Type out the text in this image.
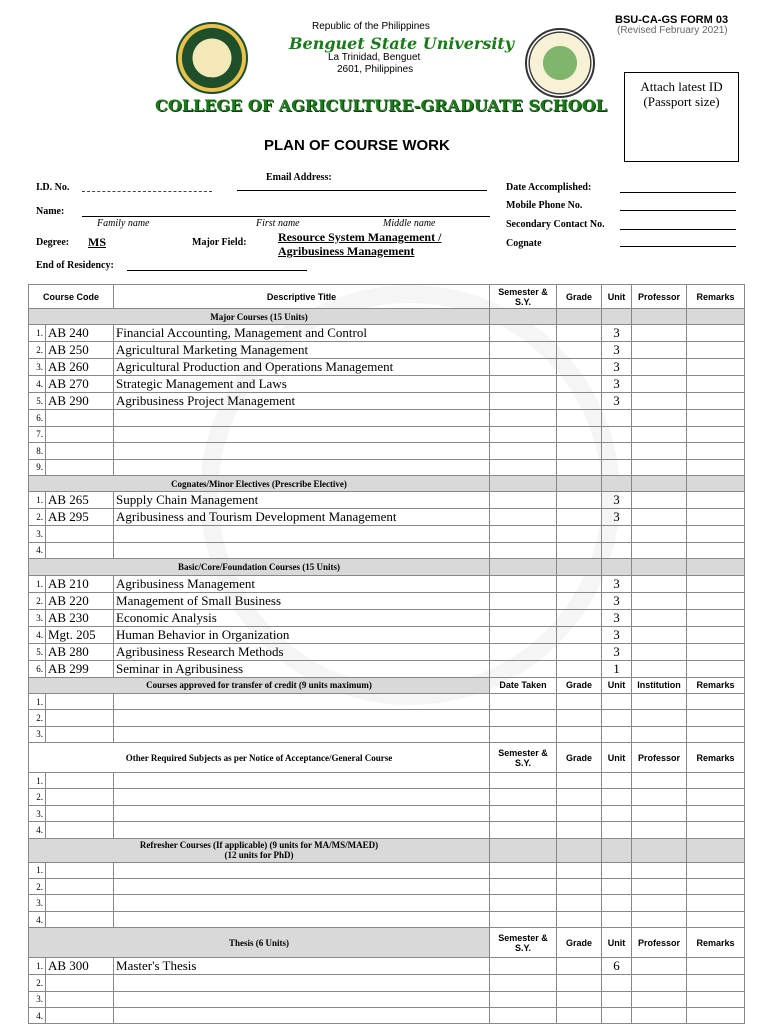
1916
BSU-CA-GS FORM 03
(Revised February 2021)
Republic of the Philippines
Benguet State University
La Trinidad, Benguet
2601, Philippines
COLLEGE OF AGRICULTURE-GRADUATE SCHOOL
Attach latest ID (Passport size)
PLAN OF COURSE WORK
Email Address:
I.D. No.
Name:
Family name	First name	Middle name
Degree: MS	Major Field:	Resource System Management / Agribusiness Management
End of Residency:
Date Accomplished:
Mobile Phone No.
Secondary Contact No.
Cognate
Course Code		Descriptive Title	Semester & S.Y.	Grade	Unit	Professor	Remarks
Major Courses (15 Units)							
1.	AB 240	Financial Accounting, Management and Control			3		
2.	AB 250	Agricultural Marketing Management			3		
3.	AB 260	Agricultural Production and Operations Management			3		
4.	AB 270	Strategic Management and Laws			3		
5.	AB 290	Agribusiness Project Management			3		
6.							
7.							
8.							
9.							
Cognates/Minor Electives (Prescribe Elective)							
1.	AB 265	Supply Chain Management			3		
2.	AB 295	Agribusiness and Tourism Development Management			3		
3.							
4.							
Basic/Core/Foundation Courses (15 Units)							
1.	AB 210	Agribusiness Management			3		
2.	AB 220	Management of Small Business			3		
3.	AB 230	Economic Analysis			3		
4.	Mgt. 205	Human Behavior in Organization			3		
5.	AB 280	Agribusiness Research Methods			3		
6.	AB 299	Seminar in Agribusiness			1		
Courses approved for transfer of credit (9 units maximum)			Date Taken	Grade	Unit	Institution	Remarks
1.							
2.							
3.							
Other Required Subjects as per Notice of Acceptance/General Course			Semester & S.Y.	Grade	Unit	Professor	Remarks
1.							
2.							
3.							
4.							

Refresher Courses (If applicable) (9 units for MA/MS/MAED)
(12 units for PhD)							

1.							
2.							
3.							
4.							
Thesis (6 Units)			Semester & S.Y.	Grade	Unit	Professor	Remarks
1.	AB 300	Master's Thesis			6		
2.							
3.							
4.							
